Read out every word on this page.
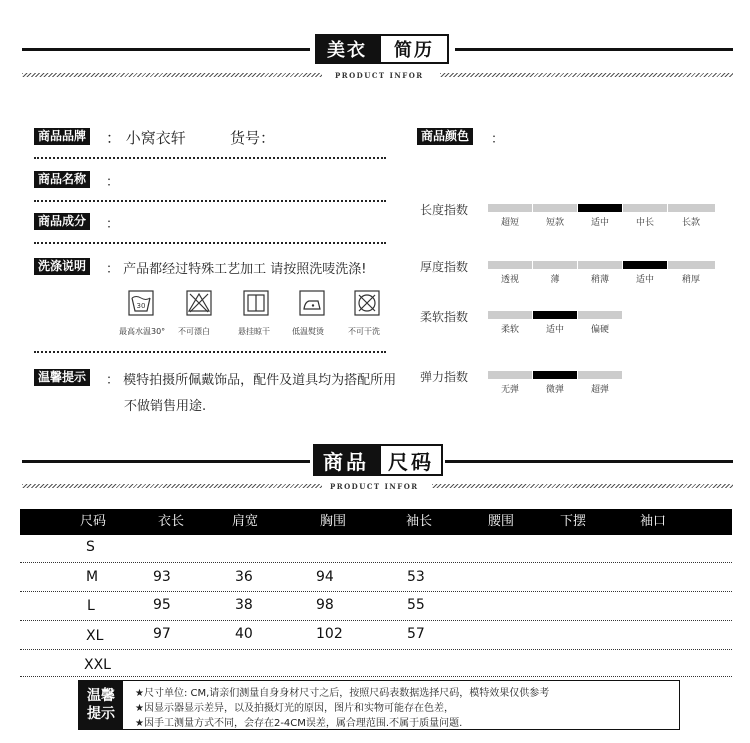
美衣	简历
PRODUCT INFOR
商品品牌 ： 小窝衣轩	货号：
商品名称	：
商品成分	：
洗涤说明	： 产品都经过特殊工艺加工 请按照洗唛洗涤!
30
最高水温30° 不可漂白	悬挂晾干	低温熨烫	不可干洗
温馨提示	： 模特拍摄所佩戴饰品，配件及道具均为搭配所用
不做销售用途.
商品颜色	：
长度指数
超短	短款	适中	中长	长款
厚度指数
透视	薄	稍薄	适中	稍厚
柔软指数
柔软	适中	偏硬
弹力指数
无弹	微弹	超弹
商品 尺码
PRODUCT INFOR
尺码	衣长	肩宽	胸围	袖长	腰围	下摆	袖口
S
M	93	36	94	53
L	95	38	98	55
XL	97	40	102	57
XXL
温馨
提示
★尺寸单位: CM,请亲们测量自身身材尺寸之后，按照尺码表数据选择尺码，模特效果仅供参考
★因显示器显示差异，以及拍摄灯光的原因，图片和实物可能存在色差，
★因手工测量方式不同，会存在2-4CM误差，属合理范围.不属于质量问题.
